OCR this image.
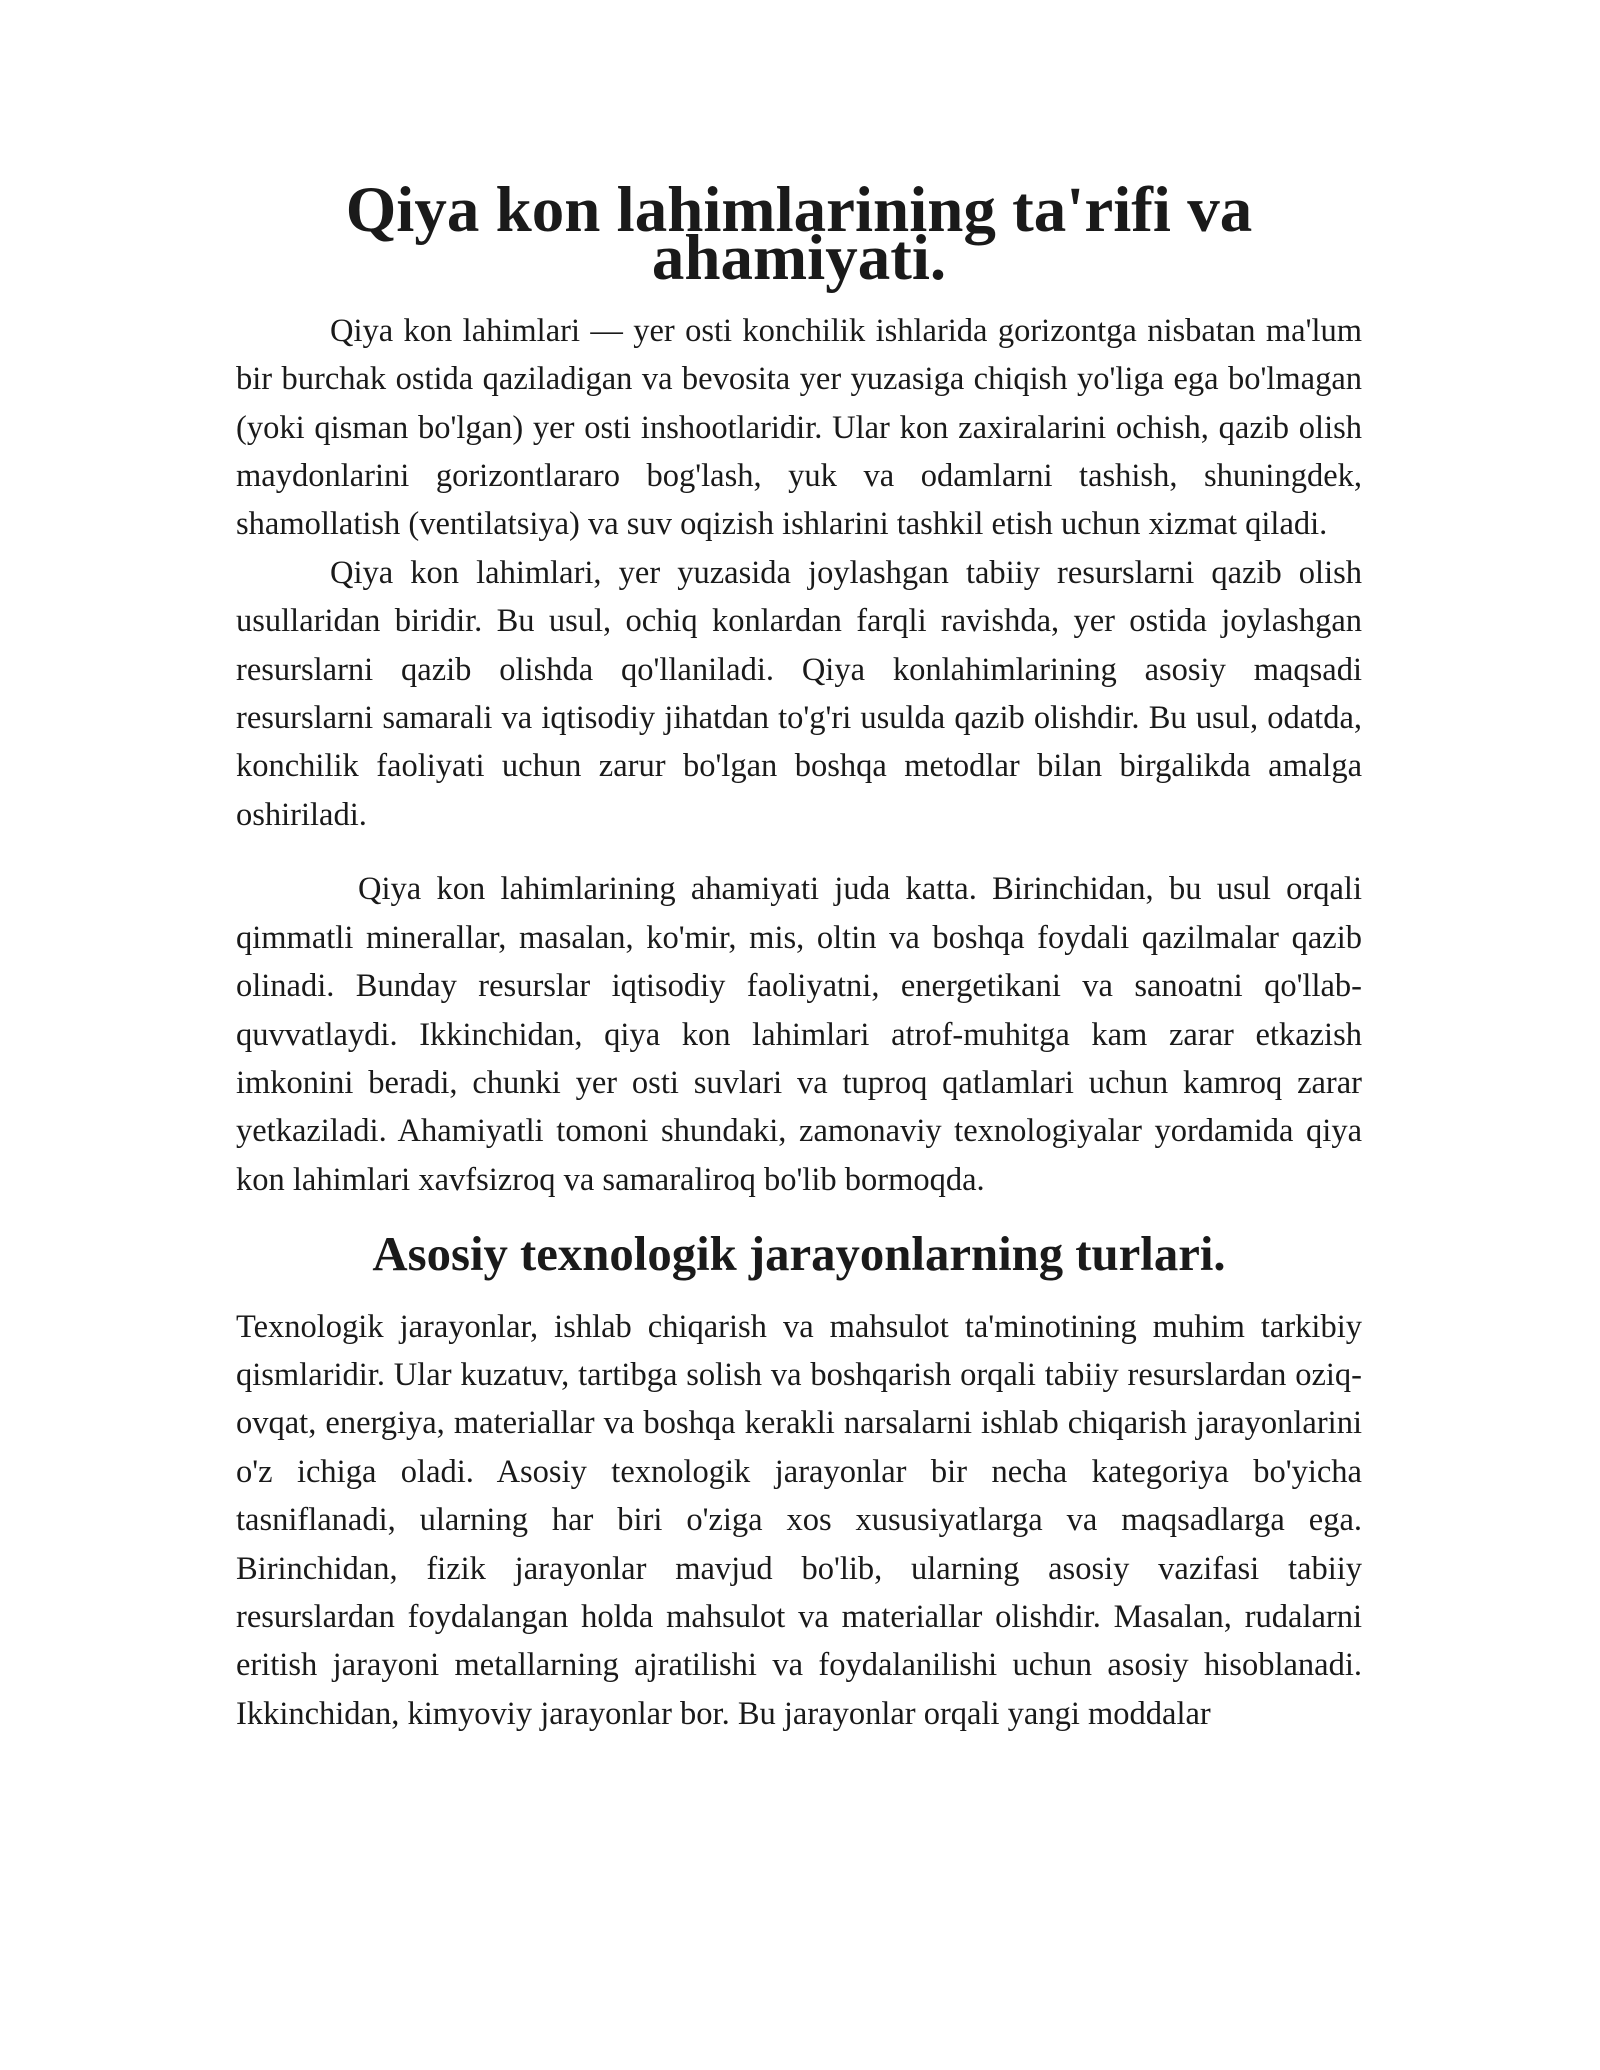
Qiya kon lahimlarining ta'rifi va ahamiyati.

Qiya kon lahimlari — yer osti konchilik ishlarida gorizontga nisbatan ma'lum bir burchak ostida qaziladigan va bevosita yer yuzasiga chiqish yo'liga ega bo'lmagan (yoki qisman bo'lgan) yer osti inshootlaridir. Ular kon zaxiralarini ochish, qazib olish maydonlarini gorizontlararo bog'lash, yuk va odamlarni tashish, shuningdek, shamollatish (ventilatsiya) va suv oqizish ishlarini tashkil etish uchun xizmat qiladi.

Qiya kon lahimlari, yer yuzasida joylashgan tabiiy resurslarni qazib olish usullaridan biridir. Bu usul, ochiq konlardan farqli ravishda, yer ostida joylashgan resurslarni qazib olishda qo'llaniladi. Qiya konlahimlarining asosiy maqsadi resurslarni samarali va iqtisodiy jihatdan to'g'ri usulda qazib olishdir. Bu usul, odatda, konchilik faoliyati uchun zarur bo'lgan boshqa metodlar bilan birgalikda amalga oshiriladi.

Qiya kon lahimlarining ahamiyati juda katta. Birinchidan, bu usul orqali qimmatli minerallar, masalan, ko'mir, mis, oltin va boshqa foydali qazilmalar qazib olinadi. Bunday resurslar iqtisodiy faoliyatni, energetikani va sanoatni qo'llab-quvvatlaydi. Ikkinchidan, qiya kon lahimlari atrof-muhitga kam zarar etkazish imkonini beradi, chunki yer osti suvlari va tuproq qatlamlari uchun kamroq zarar yetkaziladi. Ahamiyatli tomoni shundaki, zamonaviy texnologiyalar yordamida qiya kon lahimlari xavfsizroq va samaraliroq bo'lib bormoqda.

Asosiy texnologik jarayonlarning turlari.

Texnologik jarayonlar, ishlab chiqarish va mahsulot ta'minotining muhim tarkibiy qismlaridir. Ular kuzatuv, tartibga solish va boshqarish orqali tabiiy resurslardan oziq-ovqat, energiya, materiallar va boshqa kerakli narsalarni ishlab chiqarish jarayonlarini o'z ichiga oladi. Asosiy texnologik jarayonlar bir necha kategoriya bo'yicha tasniflanadi, ularning har biri o'ziga xos xususiyatlarga va maqsadlarga ega. Birinchidan, fizik jarayonlar mavjud bo'lib, ularning asosiy vazifasi tabiiy resurslardan foydalangan holda mahsulot va materiallar olishdir. Masalan, rudalarni eritish jarayoni metallarning ajratilishi va foydalanilishi uchun asosiy hisoblanadi. Ikkinchidan, kimyoviy jarayonlar bor. Bu jarayonlar orqali yangi moddalar
